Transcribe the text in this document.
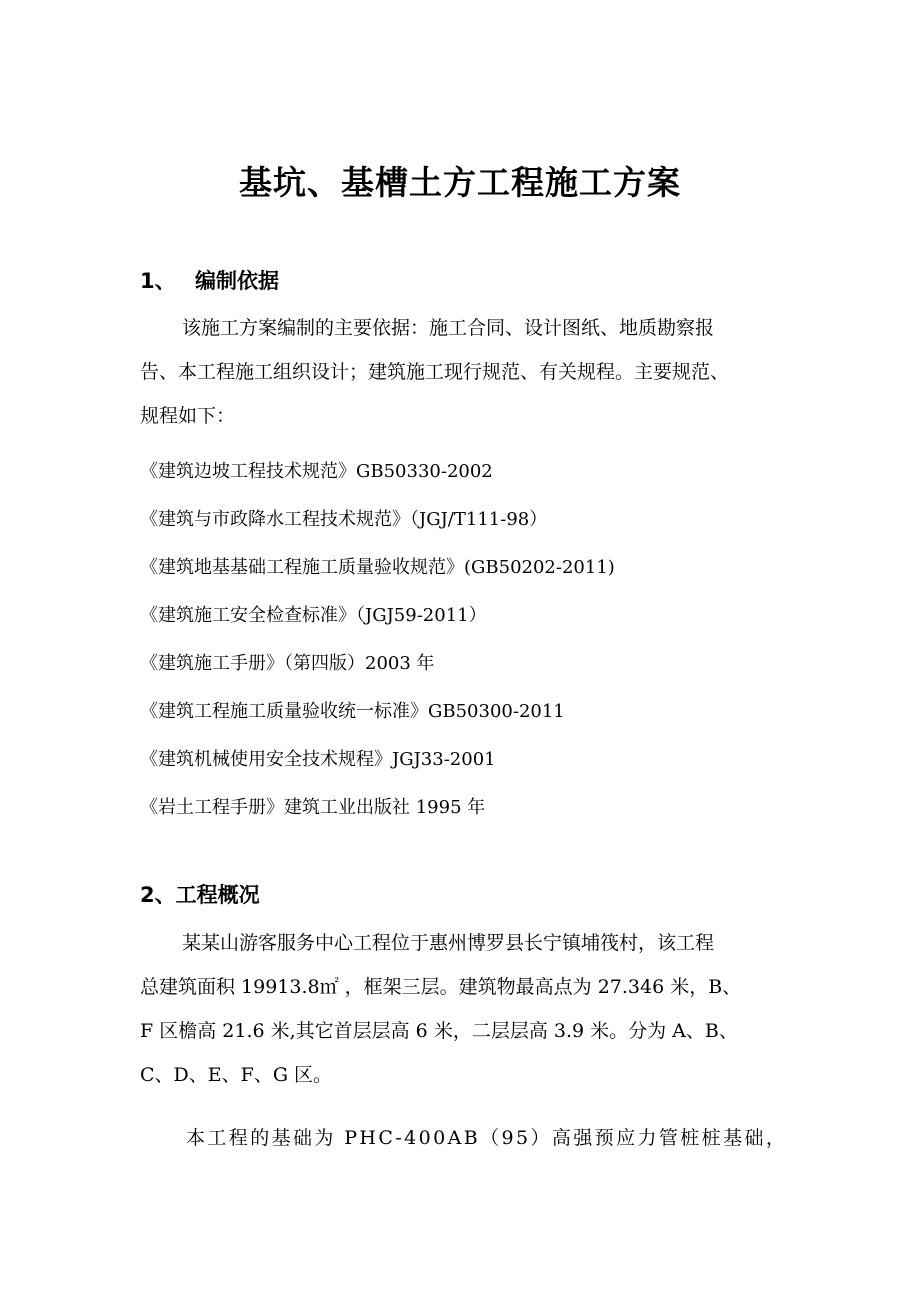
基坑、基槽土方工程施工方案
1、 编制依据
该施工方案编制的主要依据：施工合同、设计图纸、地质勘察报
告、本工程施工组织设计；建筑施工现行规范、有关规程。主要规范、
规程如下：
《建筑边坡工程技术规范》GB50330-2002
《建筑与市政降水工程技术规范》（JGJ/T111-98）
《建筑地基基础工程施工质量验收规范》(GB50202-2011)
《建筑施工安全检查标准》（JGJ59-2011）
《建筑施工手册》（第四版）2003 年
《建筑工程施工质量验收统一标准》GB50300-2011
《建筑机械使用安全技术规程》JGJ33-2001
《岩土工程手册》建筑工业出版社 1995 年
2、工程概况
某某山游客服务中心工程位于惠州博罗县长宁镇埔筏村，该工程
总建筑面积 19913.8㎡ ，框架三层。建筑物最高点为 27.346 米，B、
F 区檐高 21.6 米,其它首层层高 6 米，二层层高 3.9 米。分为 A、B、
C、D、E、F、G 区。
本工程的基础为 PHC-400AB（95）高强预应力管桩桩基础，
